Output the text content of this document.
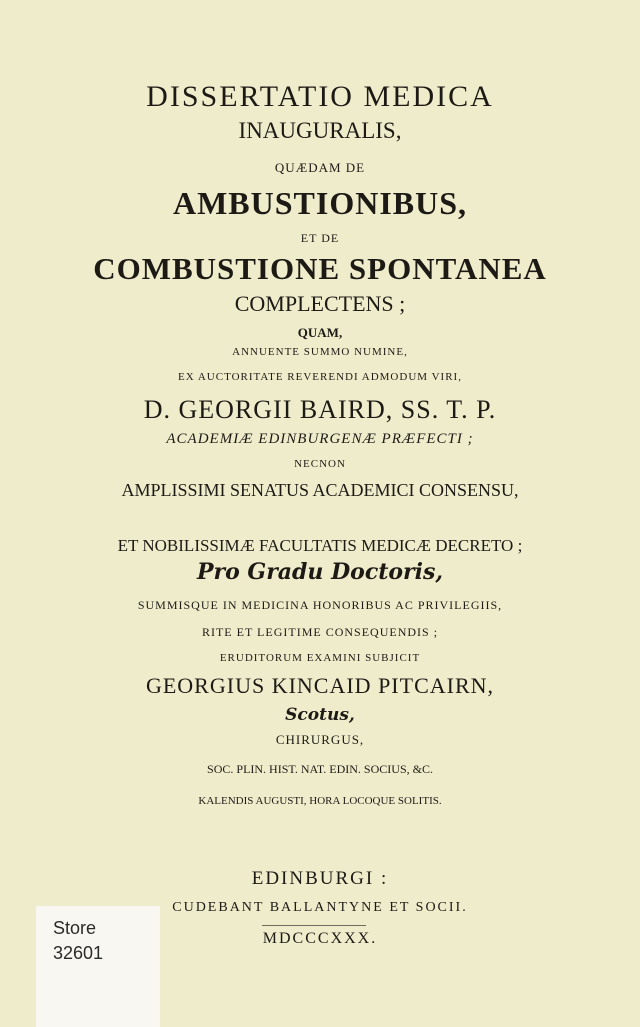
DISSERTATIO MEDICA
INAUGURALIS,
QUÆDAM DE
AMBUSTIONIBUS,
ET DE
COMBUSTIONE SPONTANEA
COMPLECTENS ;
QUAM,
ANNUENTE SUMMO NUMINE,
EX AUCTORITATE REVERENDI ADMODUM VIRI,
D. GEORGII BAIRD, SS. T. P.
ACADEMIÆ EDINBURGENÆ PRÆFECTI ;
NECNON
AMPLISSIMI SENATUS ACADEMICI CONSENSU,
ET NOBILISSIMÆ FACULTATIS MEDICÆ DECRETO ;
Pro Gradu Doctoris,
SUMMISQUE IN MEDICINA HONORIBUS AC PRIVILEGIIS,
RITE ET LEGITIME CONSEQUENDIS ;
ERUDITORUM EXAMINI SUBJICIT
GEORGIUS KINCAID PITCAIRN,
Scotus,
CHIRURGUS,
SOC. PLIN. HIST. NAT. EDIN. SOCIUS, &C.
KALENDIS AUGUSTI, HORA LOCOQUE SOLITIS.
EDINBURGI :
CUDEBANT BALLANTYNE ET SOCII.
MDCCCXXX.
Store
32601
